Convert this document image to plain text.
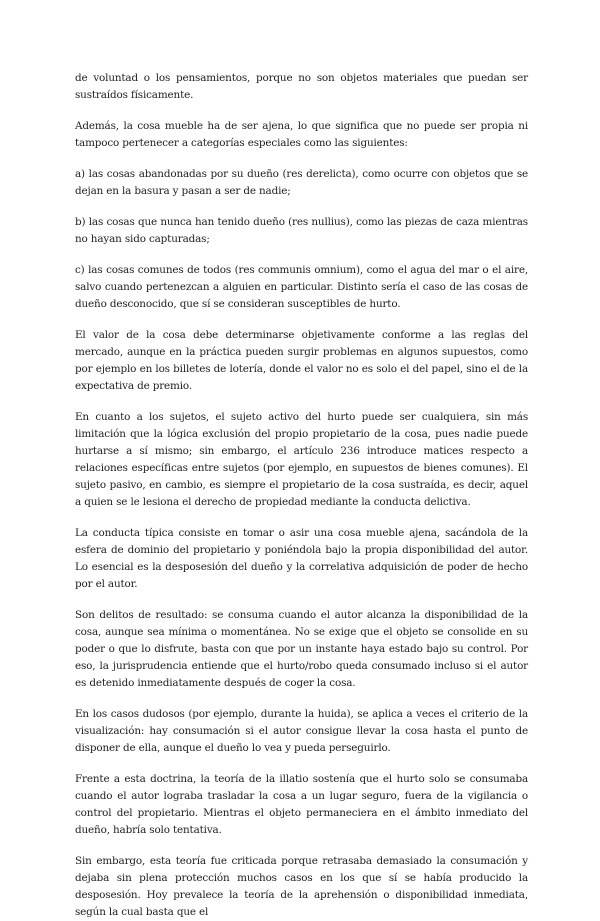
de voluntad o los pensamientos, porque no son objetos materiales que puedan ser sustraídos físicamente.

Además, la cosa mueble ha de ser ajena, lo que significa que no puede ser propia ni tampoco pertenecer a categorías especiales como las siguientes:

a) las cosas abandonadas por su dueño (res derelicta), como ocurre con objetos que se dejan en la basura y pasan a ser de nadie;

b) las cosas que nunca han tenido dueño (res nullius), como las piezas de caza mientras no hayan sido capturadas;

c) las cosas comunes de todos (res communis omnium), como el agua del mar o el aire, salvo cuando pertenezcan a alguien en particular. Distinto sería el caso de las cosas de dueño desconocido, que sí se consideran susceptibles de hurto.

El valor de la cosa debe determinarse objetivamente conforme a las reglas del mercado, aunque en la práctica pueden surgir problemas en algunos supuestos, como por ejemplo en los billetes de lotería, donde el valor no es solo el del papel, sino el de la expectativa de premio.

En cuanto a los sujetos, el sujeto activo del hurto puede ser cualquiera, sin más limitación que la lógica exclusión del propio propietario de la cosa, pues nadie puede hurtarse a sí mismo; sin embargo, el artículo 236 introduce matices respecto a relaciones específicas entre sujetos (por ejemplo, en supuestos de bienes comunes). El sujeto pasivo, en cambio, es siempre el propietario de la cosa sustraída, es decir, aquel a quien se le lesiona el derecho de propiedad mediante la conducta delictiva.

La conducta típica consiste en tomar o asir una cosa mueble ajena, sacándola de la esfera de dominio del propietario y poniéndola bajo la propia disponibilidad del autor. Lo esencial es la desposesión del dueño y la correlativa adquisición de poder de hecho por el autor.

Son delitos de resultado: se consuma cuando el autor alcanza la disponibilidad de la cosa, aunque sea mínima o momentánea. No se exige que el objeto se consolide en su poder o que lo disfrute, basta con que por un instante haya estado bajo su control. Por eso, la jurisprudencia entiende que el hurto/robo queda consumado incluso si el autor es detenido inmediatamente después de coger la cosa.

En los casos dudosos (por ejemplo, durante la huida), se aplica a veces el criterio de la visualización: hay consumación si el autor consigue llevar la cosa hasta el punto de disponer de ella, aunque el dueño lo vea y pueda perseguirlo.

Frente a esta doctrina, la teoría de la illatio sostenía que el hurto solo se consumaba cuando el autor lograba trasladar la cosa a un lugar seguro, fuera de la vigilancia o control del propietario. Mientras el objeto permaneciera en el ámbito inmediato del dueño, habría solo tentativa.

Sin embargo, esta teoría fue criticada porque retrasaba demasiado la consumación y dejaba sin plena protección muchos casos en los que sí se había producido la desposesión. Hoy prevalece la teoría de la aprehensión o disponibilidad inmediata, según la cual basta que el
